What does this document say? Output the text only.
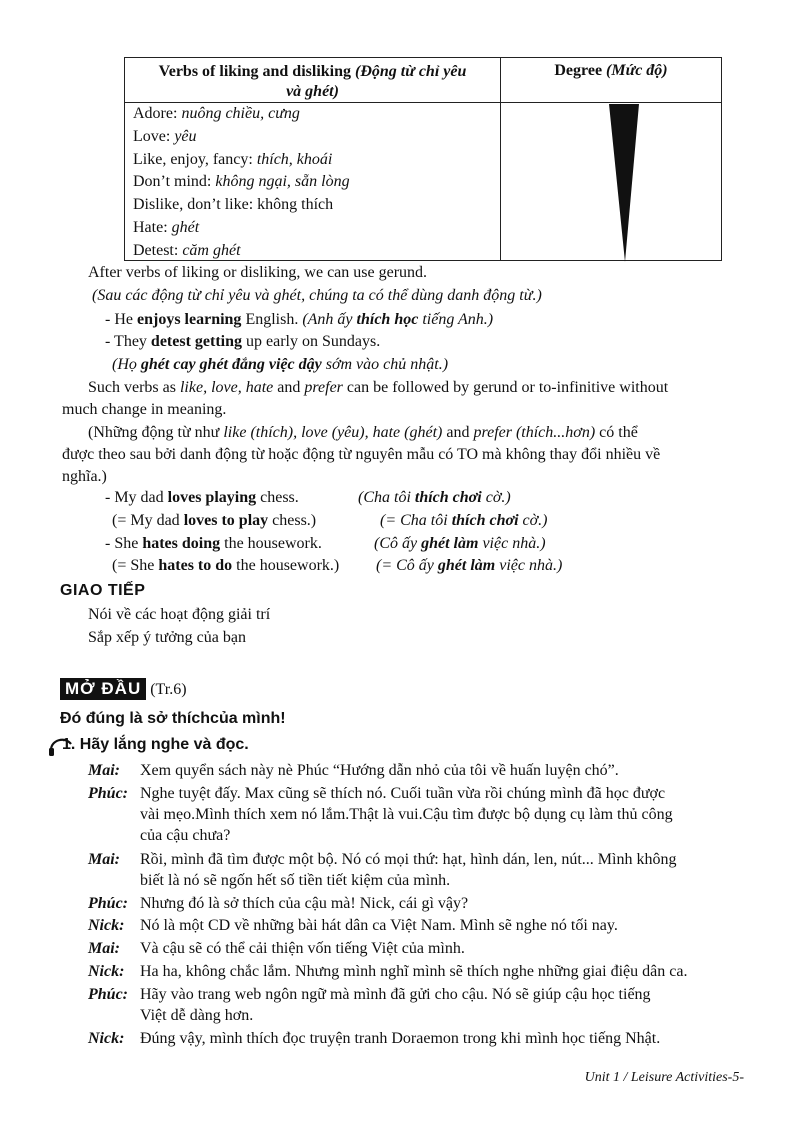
Verbs of liking and disliking (Động từ chỉ yêu
và ghét)
Degree (Mức độ)
Adore: nuông chiều, cưng
Love: yêu
Like, enjoy, fancy: thích, khoái
Don’t mind: không ngại, sẵn lòng
Dislike, don’t like: không thích
Hate: ghét
Detest: căm ghét
After verbs of liking or disliking, we can use gerund.
(Sau các động từ chỉ yêu và ghét, chúng ta có thể dùng danh động từ.)
- He enjoys learning English. (Anh ấy thích học tiếng Anh.)
- They detest getting up early on Sundays.
(Họ ghét cay ghét đắng việc dậy sớm vào chủ nhật.)
Such verbs as like, love, hate and prefer can be followed by gerund or to-infinitive without
much change in meaning.
(Những động từ như like (thích), love (yêu), hate (ghét) and prefer (thích...hơn) có thể
được theo sau bởi danh động từ hoặc động từ nguyên mẫu có TO mà không thay đổi nhiều về
nghĩa.)
- My dad loves playing chess.	(Cha tôi thích chơi cờ.)
(= My dad loves to play chess.)	(= Cha tôi thích chơi cờ.)
- She hates doing the housework.	(Cô ấy ghét làm việc nhà.)
(= She hates to do the housework.) (= Cô ấy ghét làm việc nhà.)
GIAO TIẾP
Nói về các hoạt động giải trí
Sắp xếp ý tưởng của bạn
MỞ ĐẦU (Tr.6)
Đó đúng là sở thíchcủa mình!
1. Hãy lắng nghe và đọc.
Mai: Xem quyển sách này nè Phúc “Hướng dẫn nhỏ của tôi về huấn luyện chó”.
Phúc: Nghe tuyệt đấy. Max cũng sẽ thích nó. Cuối tuần vừa rồi chúng mình đã học được
vài mẹo.Mình thích xem nó lắm.Thật là vui.Cậu tìm được bộ dụng cụ làm thủ công
của cậu chưa?
Mai: Rồi, mình đã tìm được một bộ. Nó có mọi thứ: hạt, hình dán, len, nút... Mình không
biết là nó sẽ ngốn hết số tiền tiết kiệm của mình.
Phúc: Nhưng đó là sở thích của cậu mà! Nick, cái gì vậy?
Nick: Nó là một CD về những bài hát dân ca Việt Nam. Mình sẽ nghe nó tối nay.
Mai: Và cậu sẽ có thể cải thiện vốn tiếng Việt của mình.
Nick: Ha ha, không chắc lắm. Nhưng mình nghĩ mình sẽ thích nghe những giai điệu dân ca.
Phúc: Hãy vào trang web ngôn ngữ mà mình đã gửi cho cậu. Nó sẽ giúp cậu học tiếng
Việt dễ dàng hơn.
Nick: Đúng vậy, mình thích đọc truyện tranh Doraemon trong khi mình học tiếng Nhật.
Unit 1 / Leisure Activities-5-
